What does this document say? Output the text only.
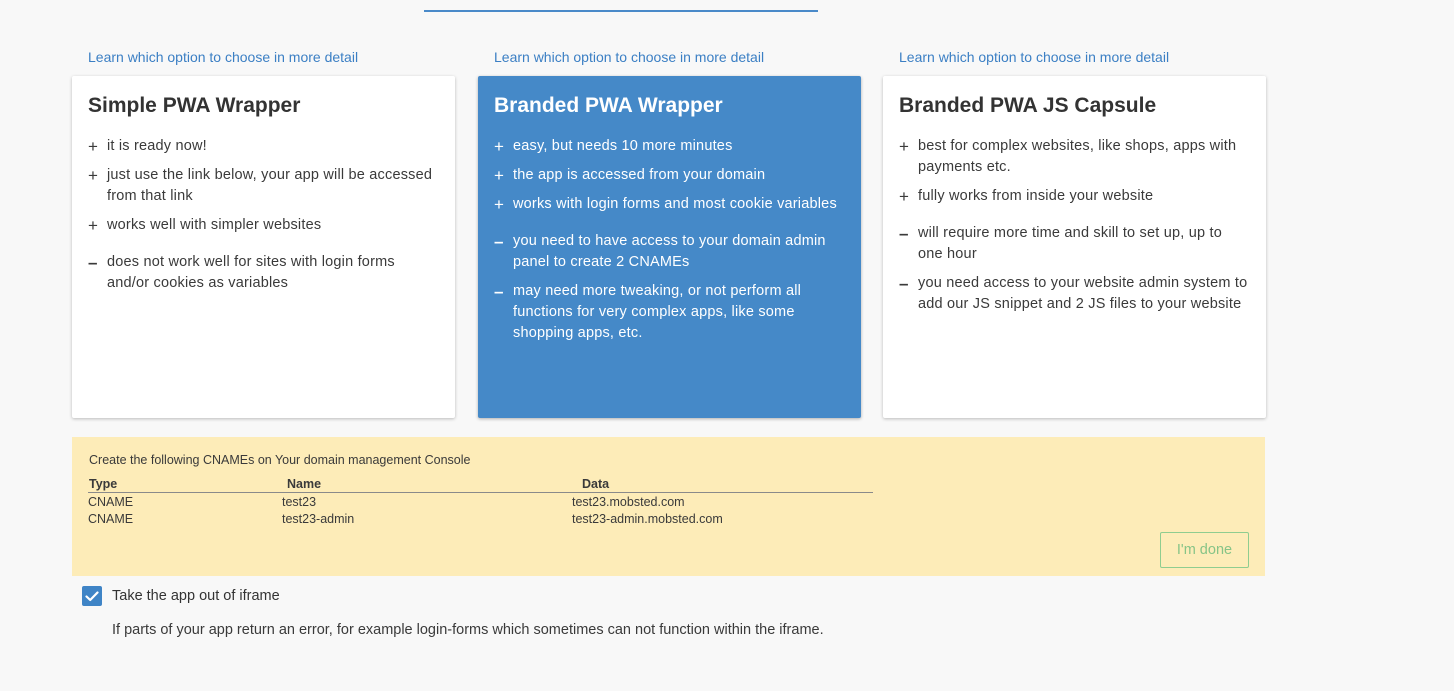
Learn which option to choose in more detail	Learn which option to choose in more detail	Learn which option to choose in more detail
Simple PWA Wrapper
+ it is ready now!
+ just use the link below, your app will be accessed from that link
+ works well with simpler websites
– does not work well for sites with login forms and/or cookies as variables
Branded PWA Wrapper
+ easy, but needs 10 more minutes
+ the app is accessed from your domain
+ works with login forms and most cookie variables
– you need to have access to your domain admin panel to create 2 CNAMEs
– may need more tweaking, or not perform all functions for very complex apps, like some shopping apps, etc.
Branded PWA JS Capsule
+ best for complex websites, like shops, apps with payments etc.
+ fully works from inside your website
– will require more time and skill to set up, up to one hour
– you need access to your website admin system to add our JS snippet and 2 JS files to your website
Create the following CNAMEs on Your domain management Console
Type	Name	Data
CNAME	test23	test23.mobsted.com
CNAME	test23-admin	test23-admin.mobsted.com
I'm done
Take the app out of iframe
If parts of your app return an error, for example login-forms which sometimes can not function within the iframe.
